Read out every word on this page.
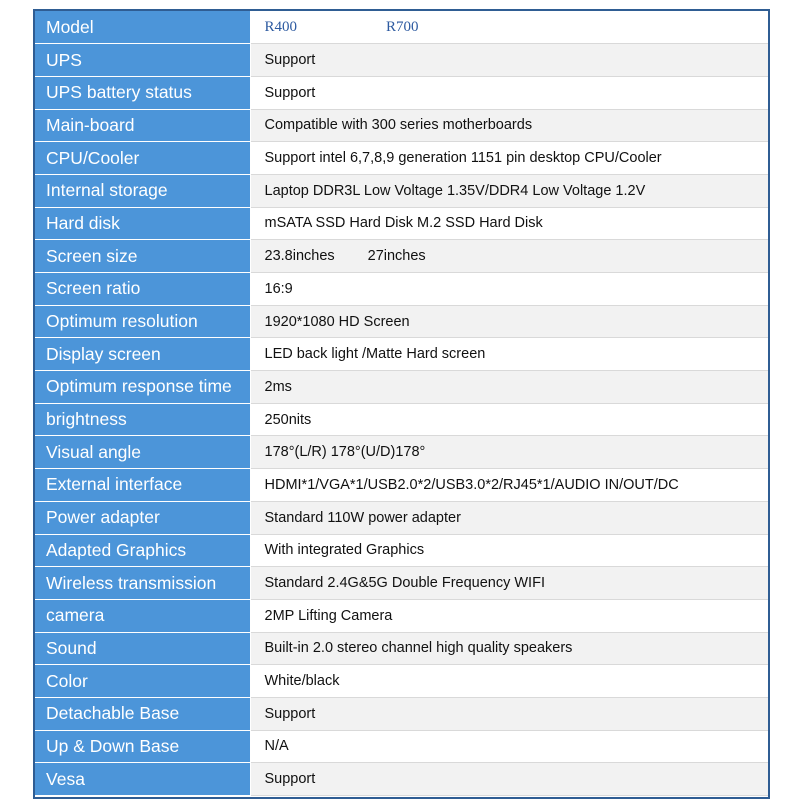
Model	R400 R700
UPS	Support
UPS battery status	Support
Main-board	Compatible with 300 series motherboards
CPU/Cooler	Support intel 6,7,8,9 generation 1151 pin desktop CPU/Cooler
Internal storage	Laptop DDR3L Low Voltage 1.35V/DDR4 Low Voltage 1.2V
Hard disk	mSATA SSD Hard Disk M.2 SSD Hard Disk
Screen size	23.8inches 27inches
Screen ratio	16:9
Optimum resolution	1920*1080 HD Screen
Display screen	LED back light /Matte Hard screen
Optimum response time	2ms
brightness	250nits
Visual angle	178°(L/R) 178°(U/D)178°
External interface	HDMI*1/VGA*1/USB2.0*2/USB3.0*2/RJ45*1/AUDIO IN/OUT/DC
Power adapter	Standard 110W power adapter
Adapted Graphics	With integrated Graphics
Wireless transmission	Standard 2.4G&5G Double Frequency WIFI
camera	2MP Lifting Camera
Sound	Built-in 2.0 stereo channel high quality speakers
Color	White/black
Detachable Base	Support
Up & Down Base	N/A
Vesa	Support
